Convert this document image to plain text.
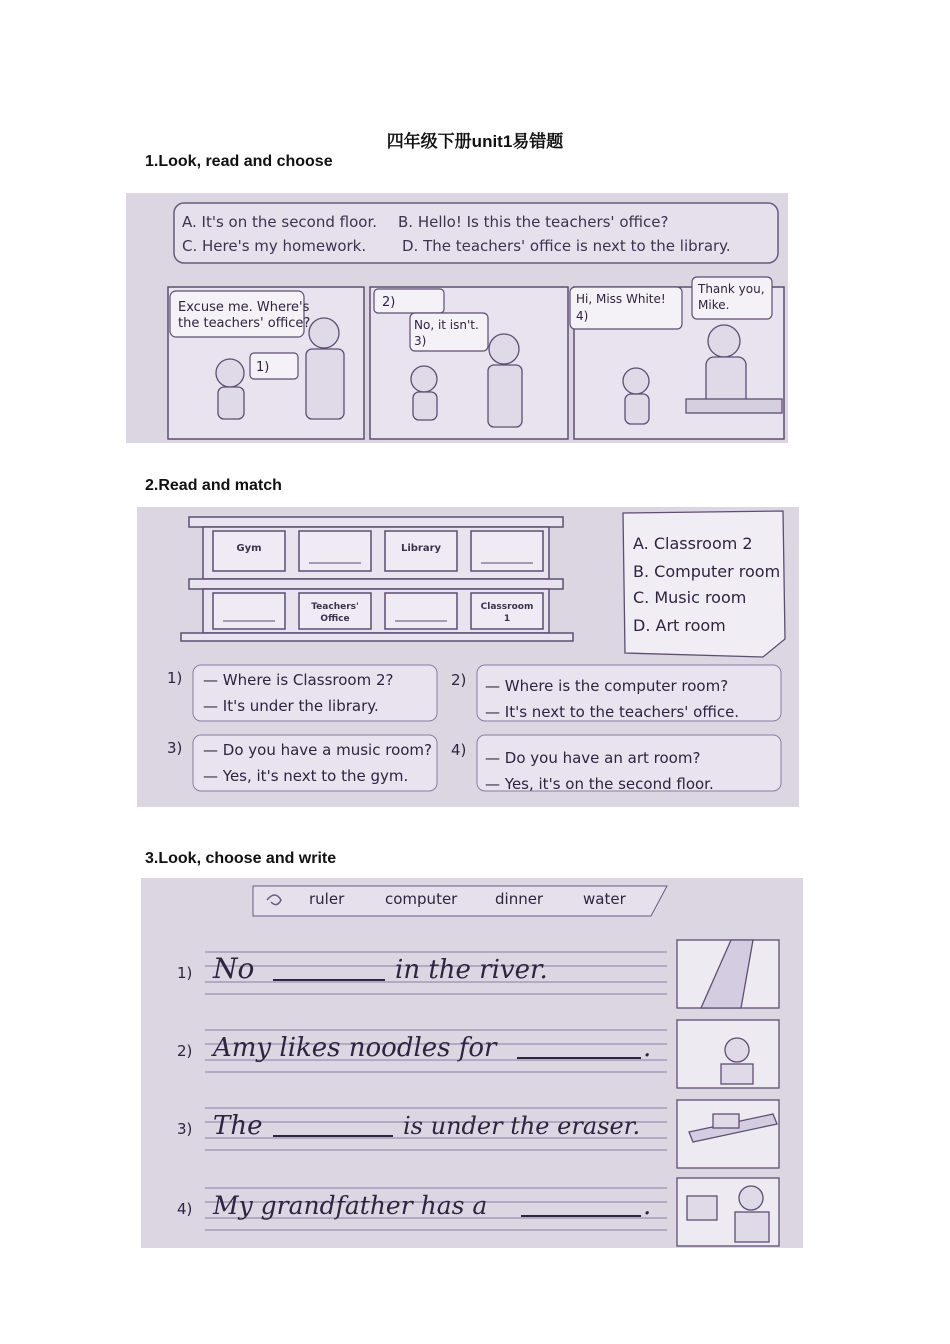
四年级下册unit1易错题
1.Look, read and choose
A. It's on the second floor. B. Hello! Is this the teachers' office?
C. Here's my homework. D. The teachers' office is next to the library.
Excuse me. Where's
the teachers' office?
1)
2)
No, it isn't.
3)
Hi, Miss White!
4)
Thank you,
Mike.
2.Read and match
Gym	Library
Teachers'
Office
Classroom
1
A. Classroom 2
B. Computer room
C. Music room
D. Art room
1) — Where is Classroom 2?
— It's under the library.
2) — Where is the computer room?
— It's next to the teachers' office.
3) — Do you have a music room?
— Yes, it's next to the gym.
4) — Do you have an art room?
— Yes, it's on the second floor.
3.Look, choose and write
ruler	computer	dinner	water
1) No	in the river.
2) Amy likes noodles for	.
3) The	is under the eraser.
4) My grandfather has a	.
